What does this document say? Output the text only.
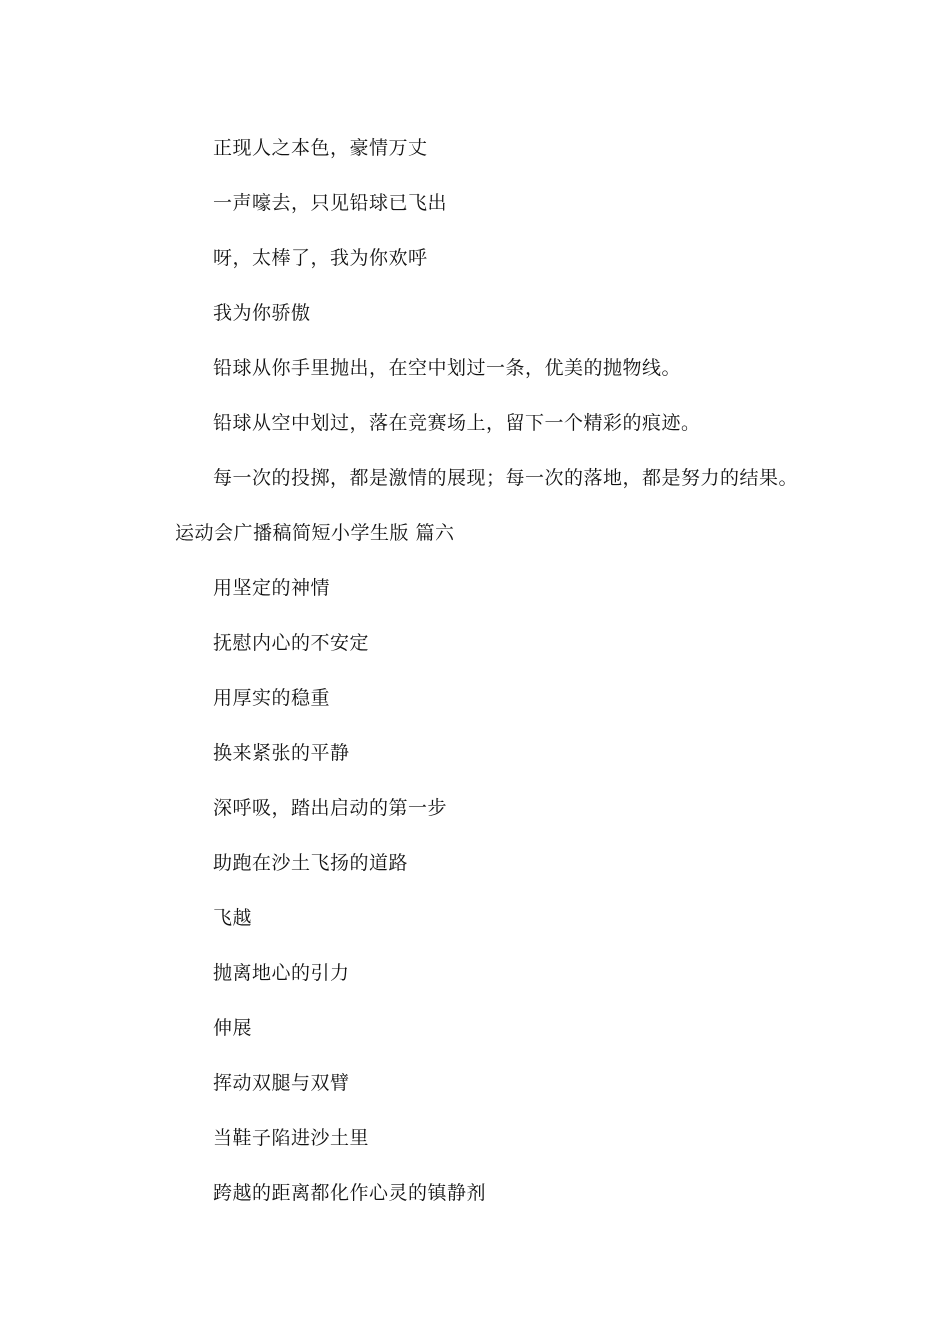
正现人之本色，豪情万丈
一声嚎去，只见铅球已飞出
呀，太棒了，我为你欢呼
我为你骄傲
铅球从你手里抛出，在空中划过一条，优美的抛物线。
铅球从空中划过，落在竞赛场上，留下一个精彩的痕迹。
每一次的投掷，都是激情的展现；每一次的落地，都是努力的结果。
运动会广播稿简短小学生版 篇六
用坚定的神情
抚慰内心的不安定
用厚实的稳重
换来紧张的平静
深呼吸，踏出启动的第一步
助跑在沙土飞扬的道路
飞越
抛离地心的引力
伸展
挥动双腿与双臂
当鞋子陷进沙土里
跨越的距离都化作心灵的镇静剂
